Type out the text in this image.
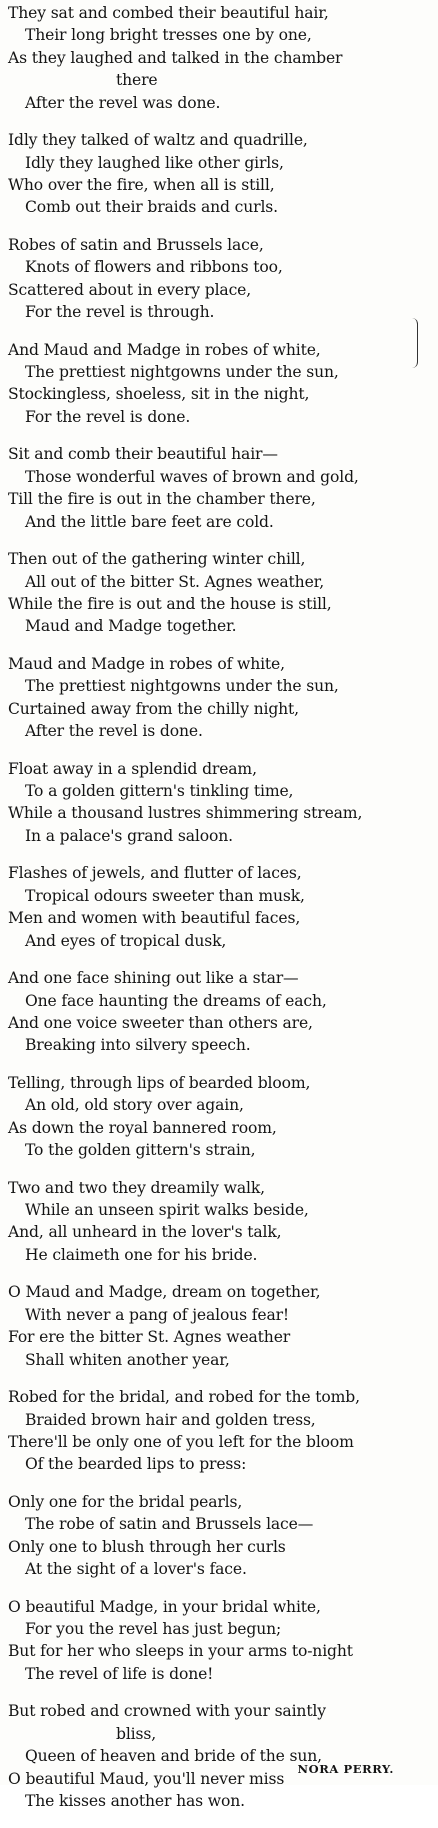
They sat and combed their beautiful hair,
Their long bright tresses one by one,
As they laughed and talked in the chamber
there
After the revel was done.
Idly they talked of waltz and quadrille,
Idly they laughed like other girls,
Who over the fire, when all is still,
Comb out their braids and curls.
Robes of satin and Brussels lace,
Knots of flowers and ribbons too,
Scattered about in every place,
For the revel is through.
And Maud and Madge in robes of white,
The prettiest nightgowns under the sun,
Stockingless, shoeless, sit in the night,
For the revel is done.
Sit and comb their beautiful hair—
Those wonderful waves of brown and gold,
Till the fire is out in the chamber there,
And the little bare feet are cold.
Then out of the gathering winter chill,
All out of the bitter St. Agnes weather,
While the fire is out and the house is still,
Maud and Madge together.
Maud and Madge in robes of white,
The prettiest nightgowns under the sun,
Curtained away from the chilly night,
After the revel is done.
Float away in a splendid dream,
To a golden gittern's tinkling time,
While a thousand lustres shimmering stream,
In a palace's grand saloon.
Flashes of jewels, and flutter of laces,
Tropical odours sweeter than musk,
Men and women with beautiful faces,
And eyes of tropical dusk,
And one face shining out like a star—
One face haunting the dreams of each,
And one voice sweeter than others are,
Breaking into silvery speech.
Telling, through lips of bearded bloom,
An old, old story over again,
As down the royal bannered room,
To the golden gittern's strain,
Two and two they dreamily walk,
While an unseen spirit walks beside,
And, all unheard in the lover's talk,
He claimeth one for his bride.
O Maud and Madge, dream on together,
With never a pang of jealous fear!
For ere the bitter St. Agnes weather
Shall whiten another year,
Robed for the bridal, and robed for the tomb,
Braided brown hair and golden tress,
There'll be only one of you left for the bloom
Of the bearded lips to press:
Only one for the bridal pearls,
The robe of satin and Brussels lace—
Only one to blush through her curls
At the sight of a lover's face.
O beautiful Madge, in your bridal white,
For you the revel has just begun;
But for her who sleeps in your arms to-night
The revel of life is done!
But robed and crowned with your saintly
bliss,
Queen of heaven and bride of the sun,
O beautiful Maud, you'll never miss
The kisses another has won.
NORA PERRY.
